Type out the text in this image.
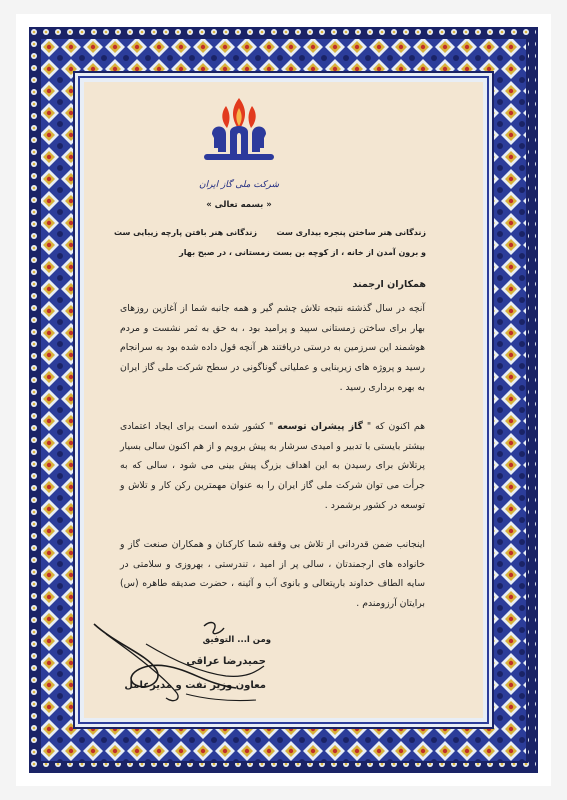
شرکت ملی گاز ایران
« بسمه تعالی »
زندگانی هنر ساختن پنجره بیداری ست
زندگانی هنر بافتن پارچه زیبایی ست
و برون آمدن از خانه ، از کوچه بن بست زمستانی ، در صبح بهار
همکاران ارجمند
آنچه در سال گذشته نتیجه تلاش چشم گیر و همه جانبه شما از آغازین روزهای بهار برای ساختن زمستانی سپید و پرامید بود ، به حق به ثمر نشست و مردم هوشمند این سرزمین به درستی دریافتند هر آنچه قول داده شده بود به سرانجام رسید و پروژه های زیربنایی و عملیاتی گوناگونی در سطح شرکت ملی گاز ایران به بهره برداری رسید .
هم اکنون که " گاز پیشران توسعه " کشور شده است برای ایجاد اعتمادی بیشتر بایستی با تدبیر و امیدی سرشار به پیش برویم و از هم اکنون سالی بسیار پرتلاش برای رسیدن به این اهداف بزرگ پیش بینی می شود ، سالی که به جرأت می توان شرکت ملی گاز ایران را به عنوان مهمترین رکن کار و تلاش و توسعه در کشور برشمرد .
اینجانب ضمن قدردانی از تلاش بی وقفه شما کارکنان و همکاران صنعت گاز و خانواده های ارجمندتان ، سالی پر از امید ، تندرستی ، بهروزی و سلامتی در سایه الطاف خداوند باریتعالی و بانوی آب و آئینه ، حضرت صدیقه طاهره (س) برایتان آرزومندم .
ومن ا... التوفیق
حمیدرضا عراقی
معاون وزیر نفت و مدیرعامل
